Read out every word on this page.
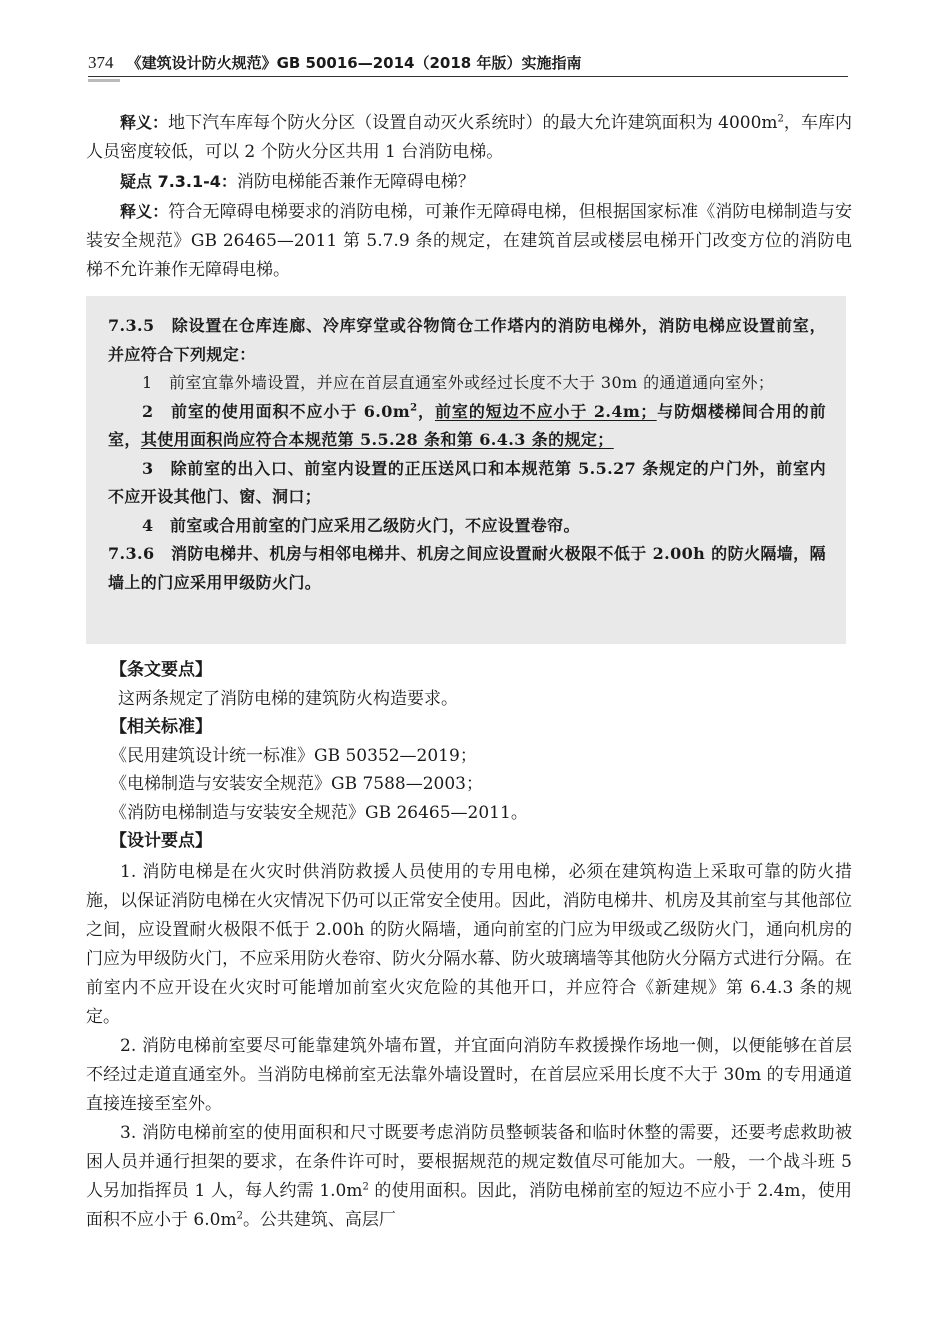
374 《建筑设计防火规范》GB 50016—2014（2018 年版）实施指南

释义：地下汽车库每个防火分区（设置自动灭火系统时）的最大允许建筑面积为 $4000m^2$，车库内人员密度较低，可以 2 个防火分区共用 1 台消防电梯。

疑点 7.3.1-4：消防电梯能否兼作无障碍电梯？

释义：符合无障碍电梯要求的消防电梯，可兼作无障碍电梯，但根据国家标准《消防电梯制造与安装安全规范》GB 26465—2011 第 5.7.9 条的规定，在建筑首层或楼层电梯开门改变方位的消防电梯不允许兼作无障碍电梯。

7.3.5　 除设置在仓库连廊、冷库穿堂或谷物筒仓工作塔内的消防电梯外，消防电梯应设置前室，并应符合下列规定：

1　前室宜靠外墙设置，并应在首层直通室外或经过长度不大于 30m 的通道通向室外；

2　前室的使用面积不应小于 $6.0m^2$，前室的短边不应小于 2.4m；与防烟楼梯间合用的前室，其使用面积尚应符合本规范第 5.5.28 条和第 6.4.3 条的规定；

3　除前室的出入口、前室内设置的正压送风口和本规范第 5.5.27 条规定的户门外，前室内不应开设其他门、窗、洞口；

4　前室或合用前室的门应采用乙级防火门，不应设置卷帘。

7.3.6　 消防电梯井、机房与相邻电梯井、机房之间应设置耐火极限不低于 2.00h 的防火隔墙，隔墙上的门应采用甲级防火门。

【条文要点】

这两条规定了消防电梯的建筑防火构造要求。

【相关标准】

《民用建筑设计统一标准》GB 50352—2019；

《电梯制造与安装安全规范》GB 7588—2003；

《消防电梯制造与安装安全规范》GB 26465—2011。

【设计要点】

1. 消防电梯是在火灾时供消防救援人员使用的专用电梯，必须在建筑构造上采取可靠的防火措施，以保证消防电梯在火灾情况下仍可以正常安全使用。因此，消防电梯井、机房及其前室与其他部位之间，应设置耐火极限不低于 2.00h 的防火隔墙，通向前室的门应为甲级或乙级防火门，通向机房的门应为甲级防火门，不应采用防火卷帘、防火分隔水幕、防火玻璃墙等其他防火分隔方式进行分隔。在前室内不应开设在火灾时可能增加前室火灾危险的其他开口，并应符合《新建规》第 6.4.3 条的规定。

2. 消防电梯前室要尽可能靠建筑外墙布置，并宜面向消防车救援操作场地一侧，以便能够在首层不经过走道直通室外。当消防电梯前室无法靠外墙设置时，在首层应采用长度不大于 30m 的专用通道直接连接至室外。

3. 消防电梯前室的使用面积和尺寸既要考虑消防员整顿装备和临时休整的需要，还要考虑救助被困人员并通行担架的要求，在条件许可时，要根据规范的规定数值尽可能加大。一般，一个战斗班 5 人另加指挥员 1 人，每人约需 $1.0m^2$ 的使用面积。因此，消防电梯前室的短边不应小于 2.4m，使用面积不应小于 $6.0m^2$。公共建筑、高层厂
